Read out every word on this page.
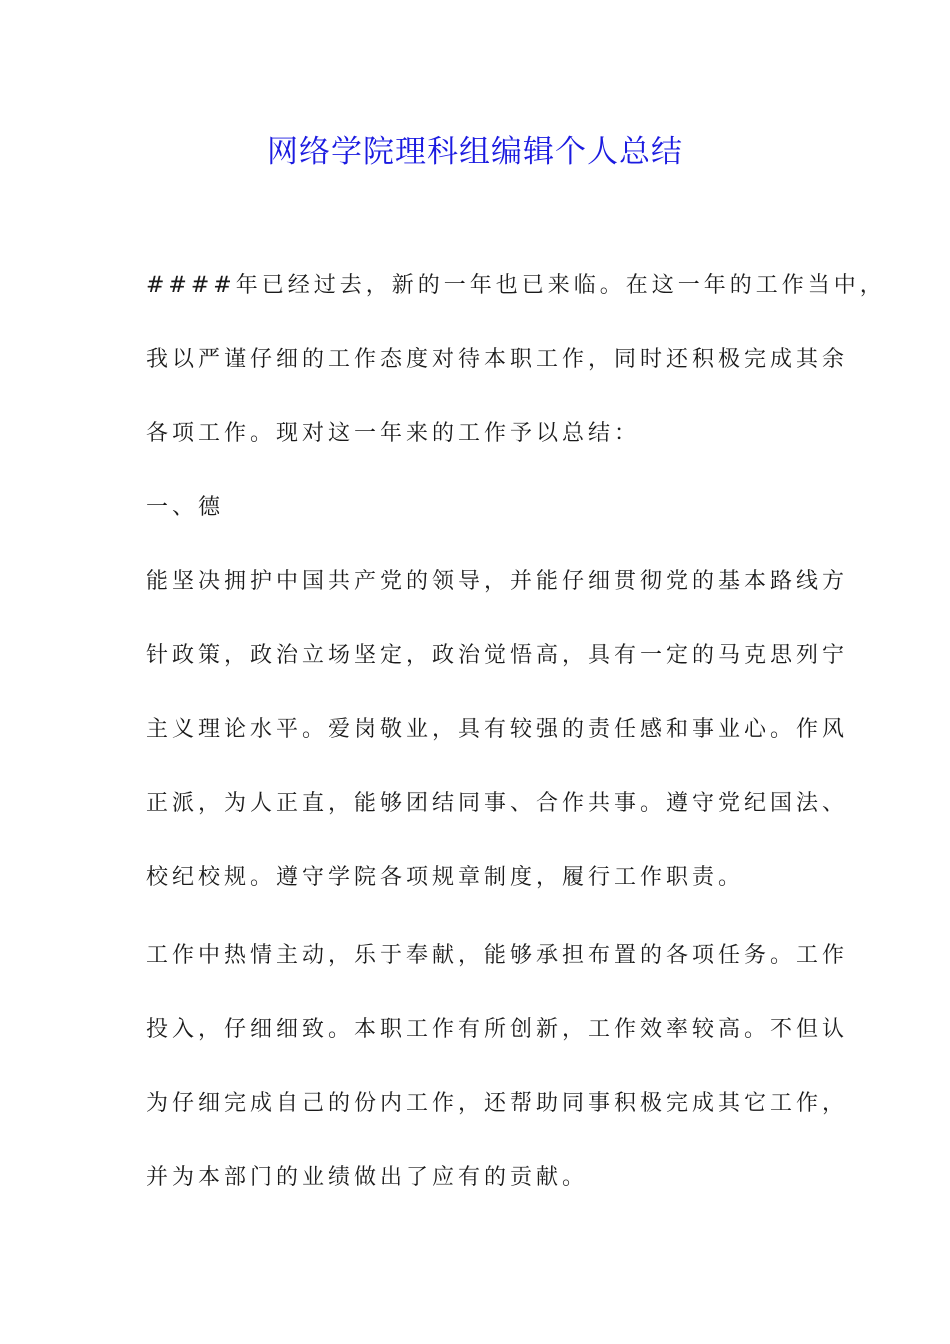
网络学院理科组编辑个人总结
####年已经过去，新的一年也已来临。在这一年的工作当中，
我以严谨仔细的工作态度对待本职工作，同时还积极完成其余
各项工作。现对这一年来的工作予以总结：
一、德
能坚决拥护中国共产党的领导，并能仔细贯彻党的基本路线方
针政策，政治立场坚定，政治觉悟高，具有一定的马克思列宁
主义理论水平。爱岗敬业，具有较强的责任感和事业心。作风
正派，为人正直，能够团结同事、合作共事。遵守党纪国法、
校纪校规。遵守学院各项规章制度，履行工作职责。
工作中热情主动，乐于奉献，能够承担布置的各项任务。工作
投入，仔细细致。本职工作有所创新，工作效率较高。不但认
为仔细完成自己的份内工作，还帮助同事积极完成其它工作，
并为本部门的业绩做出了应有的贡献。
